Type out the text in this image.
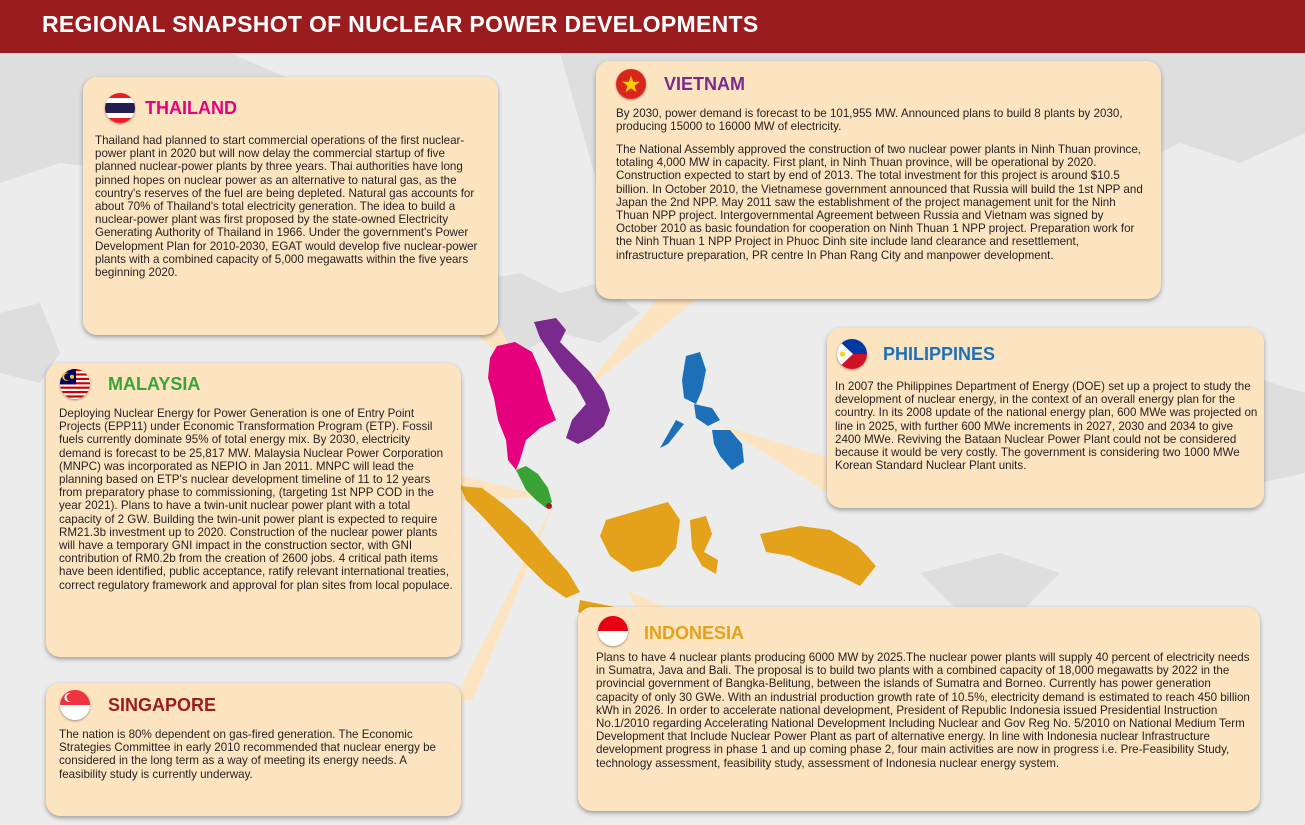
REGIONAL SNAPSHOT OF NUCLEAR POWER DEVELOPMENTS
THAILAND

Thailand had planned to start commercial operations of the first nuclear-power plant in 2020 but will now delay the commercial startup of five planned nuclear-power plants by three years. Thai authorities have long pinned hopes on nuclear power as an alternative to natural gas, as the country's reserves of the fuel are being depleted. Natural gas accounts for about 70% of Thailand's total electricity generation. The idea to build a nuclear-power plant was first proposed by the state-owned Electricity Generating Authority of Thailand in 1966. Under the government's Power Development Plan for 2010-2030, EGAT would develop five nuclear-power plants with a combined capacity of 5,000 megawatts within the five years beginning 2020.

VIETNAM

By 2030, power demand is forecast to be 101,955 MW. Announced plans to build 8 plants by 2030, producing 15000 to 16000 MW of electricity.

The National Assembly approved the construction of two nuclear power plants in Ninh Thuan province, totaling 4,000 MW in capacity. First plant, in Ninh Thuan province, will be operational by 2020. Construction expected to start by end of 2013. The total investment for this project is around $10.5 billion. In October 2010, the Vietnamese government announced that Russia will build the 1st NPP and Japan the 2nd NPP. May 2011 saw the establishment of the project management unit for the Ninh Thuan NPP project. Intergovernmental Agreement between Russia and Vietnam was signed by October 2010 as basic foundation for cooperation on Ninh Thuan 1 NPP project. Preparation work for the Ninh Thuan 1 NPP Project in Phuoc Dinh site include land clearance and resettlement, infrastructure preparation, PR centre In Phan Rang City and manpower development.

PHILIPPINES

In 2007 the Philippines Department of Energy (DOE) set up a project to study the development of nuclear energy, in the context of an overall energy plan for the country. In its 2008 update of the national energy plan, 600 MWe was projected on line in 2025, with further 600 MWe increments in 2027, 2030 and 2034 to give 2400 MWe. Reviving the Bataan Nuclear Power Plant could not be considered because it would be very costly. The government is considering two 1000 MWe Korean Standard Nuclear Plant units.

MALAYSIA

Deploying Nuclear Energy for Power Generation is one of Entry Point Projects (EPP11) under Economic Transformation Program (ETP). Fossil fuels currently dominate 95% of total energy mix. By 2030, electricity demand is forecast to be 25,817 MW. Malaysia Nuclear Power Corporation (MNPC) was incorporated as NEPIO in Jan 2011. MNPC will lead the planning based on ETP's nuclear development timeline of 11 to 12 years from preparatory phase to commissioning, (targeting 1st NPP COD in the year 2021). Plans to have a twin-unit nuclear power plant with a total capacity of 2 GW. Building the twin-unit power plant is expected to require RM21.3b investment up to 2020. Construction of the nuclear power plants will have a temporary GNI impact in the construction sector, with GNI contribution of RM0.2b from the creation of 2600 jobs. 4 critical path items have been identified, public acceptance, ratify relevant international treaties, correct regulatory framework and approval for plan sites from local populace.

INDONESIA

Plans to have 4 nuclear plants producing 6000 MW by 2025.The nuclear power plants will supply 40 percent of electricity needs in Sumatra, Java and Bali. The proposal is to build two plants with a combined capacity of 18,000 megawatts by 2022 in the provincial government of Bangka-Belitung, between the islands of Sumatra and Borneo. Currently has power generation capacity of only 30 GWe. With an industrial production growth rate of 10.5%, electricity demand is estimated to reach 450 billion kWh in 2026. In order to accelerate national development, President of Republic Indonesia issued Presidential Instruction No.1/2010 regarding Accelerating National Development Including Nuclear and Gov Reg No. 5/2010 on National Medium Term Development that Include Nuclear Power Plant as part of alternative energy. In line with Indonesia nuclear Infrastructure development progress in phase 1 and up coming phase 2, four main activities are now in progress i.e. Pre-Feasibility Study, technology assessment, feasibility study, assessment of Indonesia nuclear energy system.

SINGAPORE

The nation is 80% dependent on gas-fired generation. The Economic Strategies Committee in early 2010 recommended that nuclear energy be considered in the long term as a way of meeting its energy needs. A feasibility study is currently underway.
